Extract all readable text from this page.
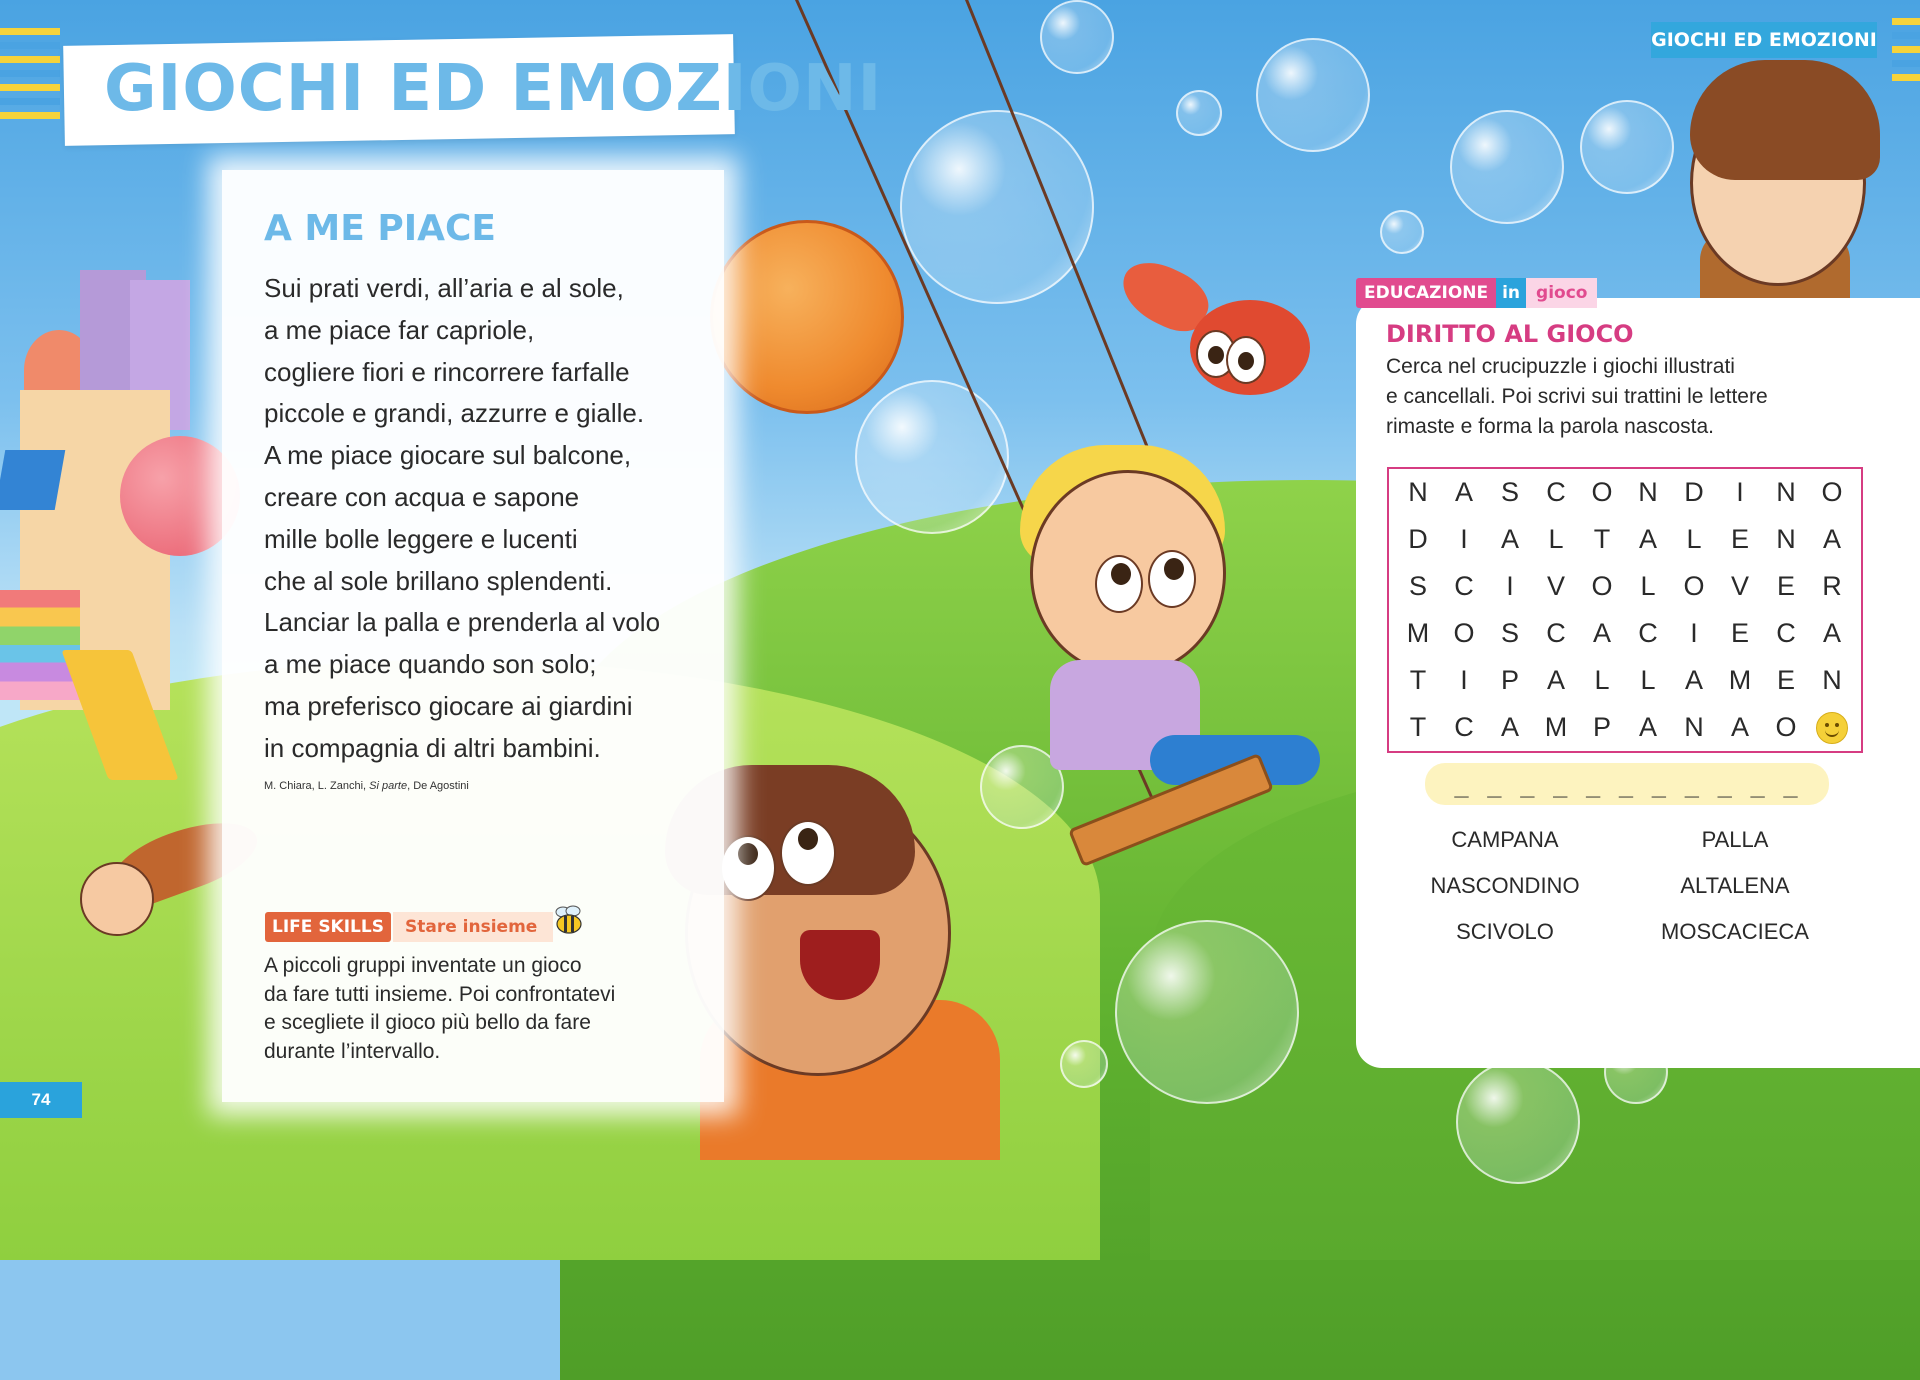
GIOCHI ED EMOZIONI
GIOCHI ED EMOZIONI
A ME PIACE
Sui prati verdi, all’aria e al sole,
a me piace far capriole,
cogliere fiori e rincorrere farfalle
piccole e grandi, azzurre e gialle.
A me piace giocare sul balcone,
creare con acqua e sapone
mille bolle leggere e lucenti
che al sole brillano splendenti.
Lanciar la palla e prenderla al volo
a me piace quando son solo;
ma preferisco giocare ai giardini
in compagnia di altri bambini.
M. Chiara, L. Zanchi, Si parte, De Agostini
LIFE SKILLS	Stare insieme
A piccoli gruppi inventate un gioco
da fare tutti insieme. Poi confrontatevi
e scegliete il gioco più bello da fare
durante l’intervallo.
74
EDUCAZIONE in gioco
DIRITTO AL GIOCO
Cerca nel crucipuzzle i giochi illustrati
e cancellali. Poi scrivi sui trattini le lettere
rimaste e forma la parola nascosta.
N	A	S	C O N D	I	N O
D	I	A	L	T	A	L	E	N	A
S	C	I	V O	L	O V	E	R
M O S	C	A	C	I	E	C	A
T	I	P	A	L	L	A M E	N
T	C	A M P	A	N	A O
_ _ _ _ _ _ _ _ _ _ _
CAMPANA	PALLA
NASCONDINO	ALTALENA
SCIVOLO	MOSCACIECA
